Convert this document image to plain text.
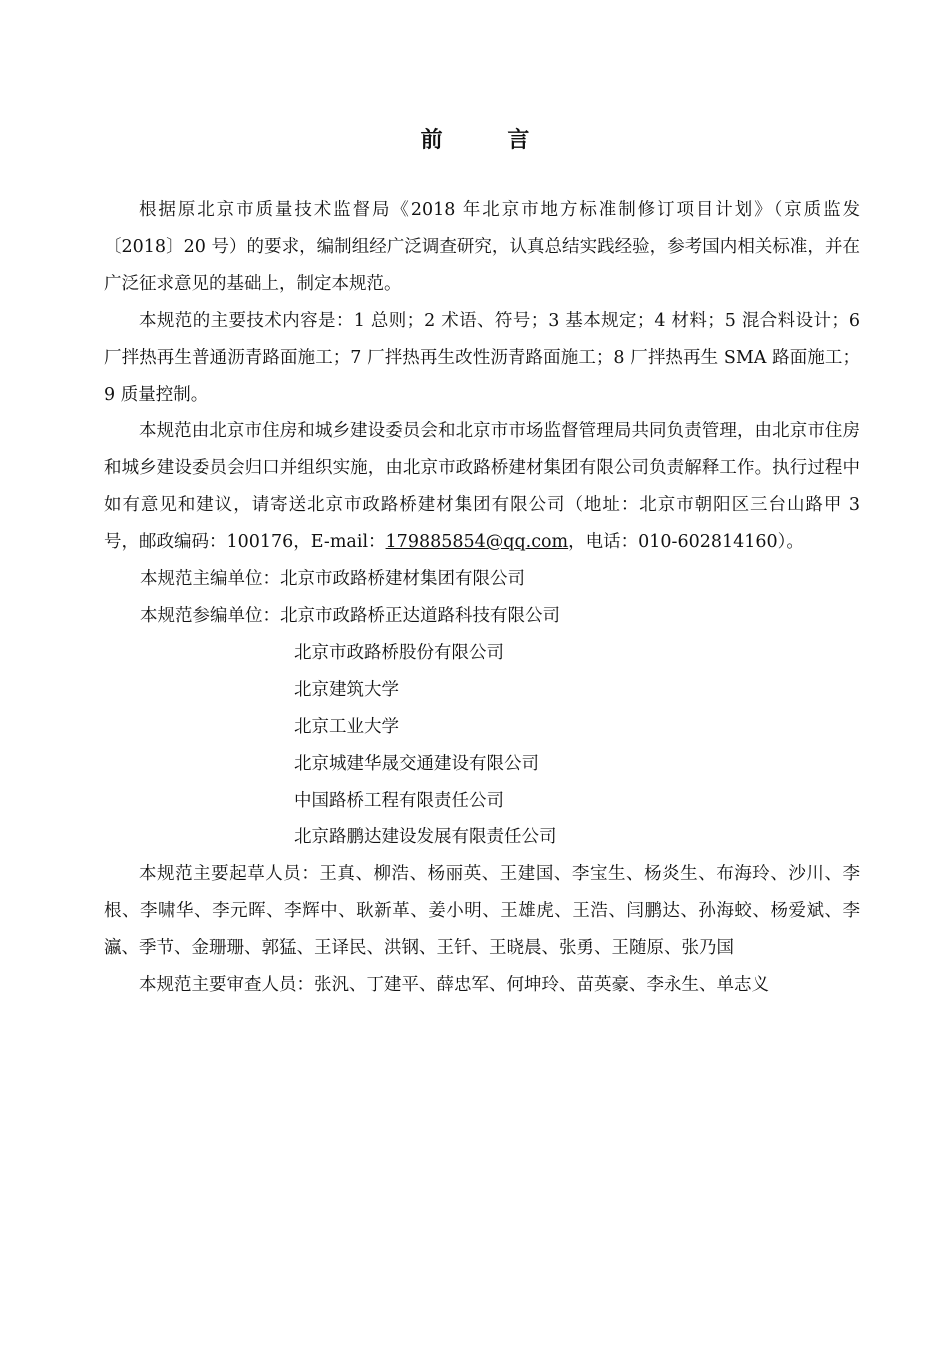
前 言

根据原北京市质量技术监督局《2018 年北京市地方标准制修订项目计划》（京质监发〔2018〕20 号）的要求，编制组经广泛调查研究，认真总结实践经验，参考国内相关标准，并在广泛征求意见的基础上，制定本规范。

本规范的主要技术内容是：1 总则；2 术语、符号；3 基本规定；4 材料；5 混合料设计；6 厂拌热再生普通沥青路面施工；7 厂拌热再生改性沥青路面施工；8 厂拌热再生 SMA 路面施工；9 质量控制。

本规范由北京市住房和城乡建设委员会和北京市市场监督管理局共同负责管理，由北京市住房和城乡建设委员会归口并组织实施，由北京市政路桥建材集团有限公司负责解释工作。执行过程中如有意见和建议，请寄送北京市政路桥建材集团有限公司（地址：北京市朝阳区三台山路甲 3 号，邮政编码：100176，E-mail：179885854@qq.com，电话：010-602814160）。

本规范主编单位：北京市政路桥建材集团有限公司

本规范参编单位：北京市政路桥正达道路科技有限公司

北京市政路桥股份有限公司

北京建筑大学

北京工业大学

北京城建华晟交通建设有限公司

中国路桥工程有限责任公司

北京路鹏达建设发展有限责任公司

本规范主要起草人员：王真、柳浩、杨丽英、王建国、李宝生、杨炎生、布海玲、沙川、李根、李啸华、李元晖、李辉中、耿新革、姜小明、王雄虎、王浩、闫鹏达、孙海蛟、杨爱斌、李瀛、季节、金珊珊、郭猛、王译民、洪钢、王钎、王晓晨、张勇、王随原、张乃国

本规范主要审查人员：张汎、丁建平、薛忠军、何坤玲、苗英豪、李永生、单志义
